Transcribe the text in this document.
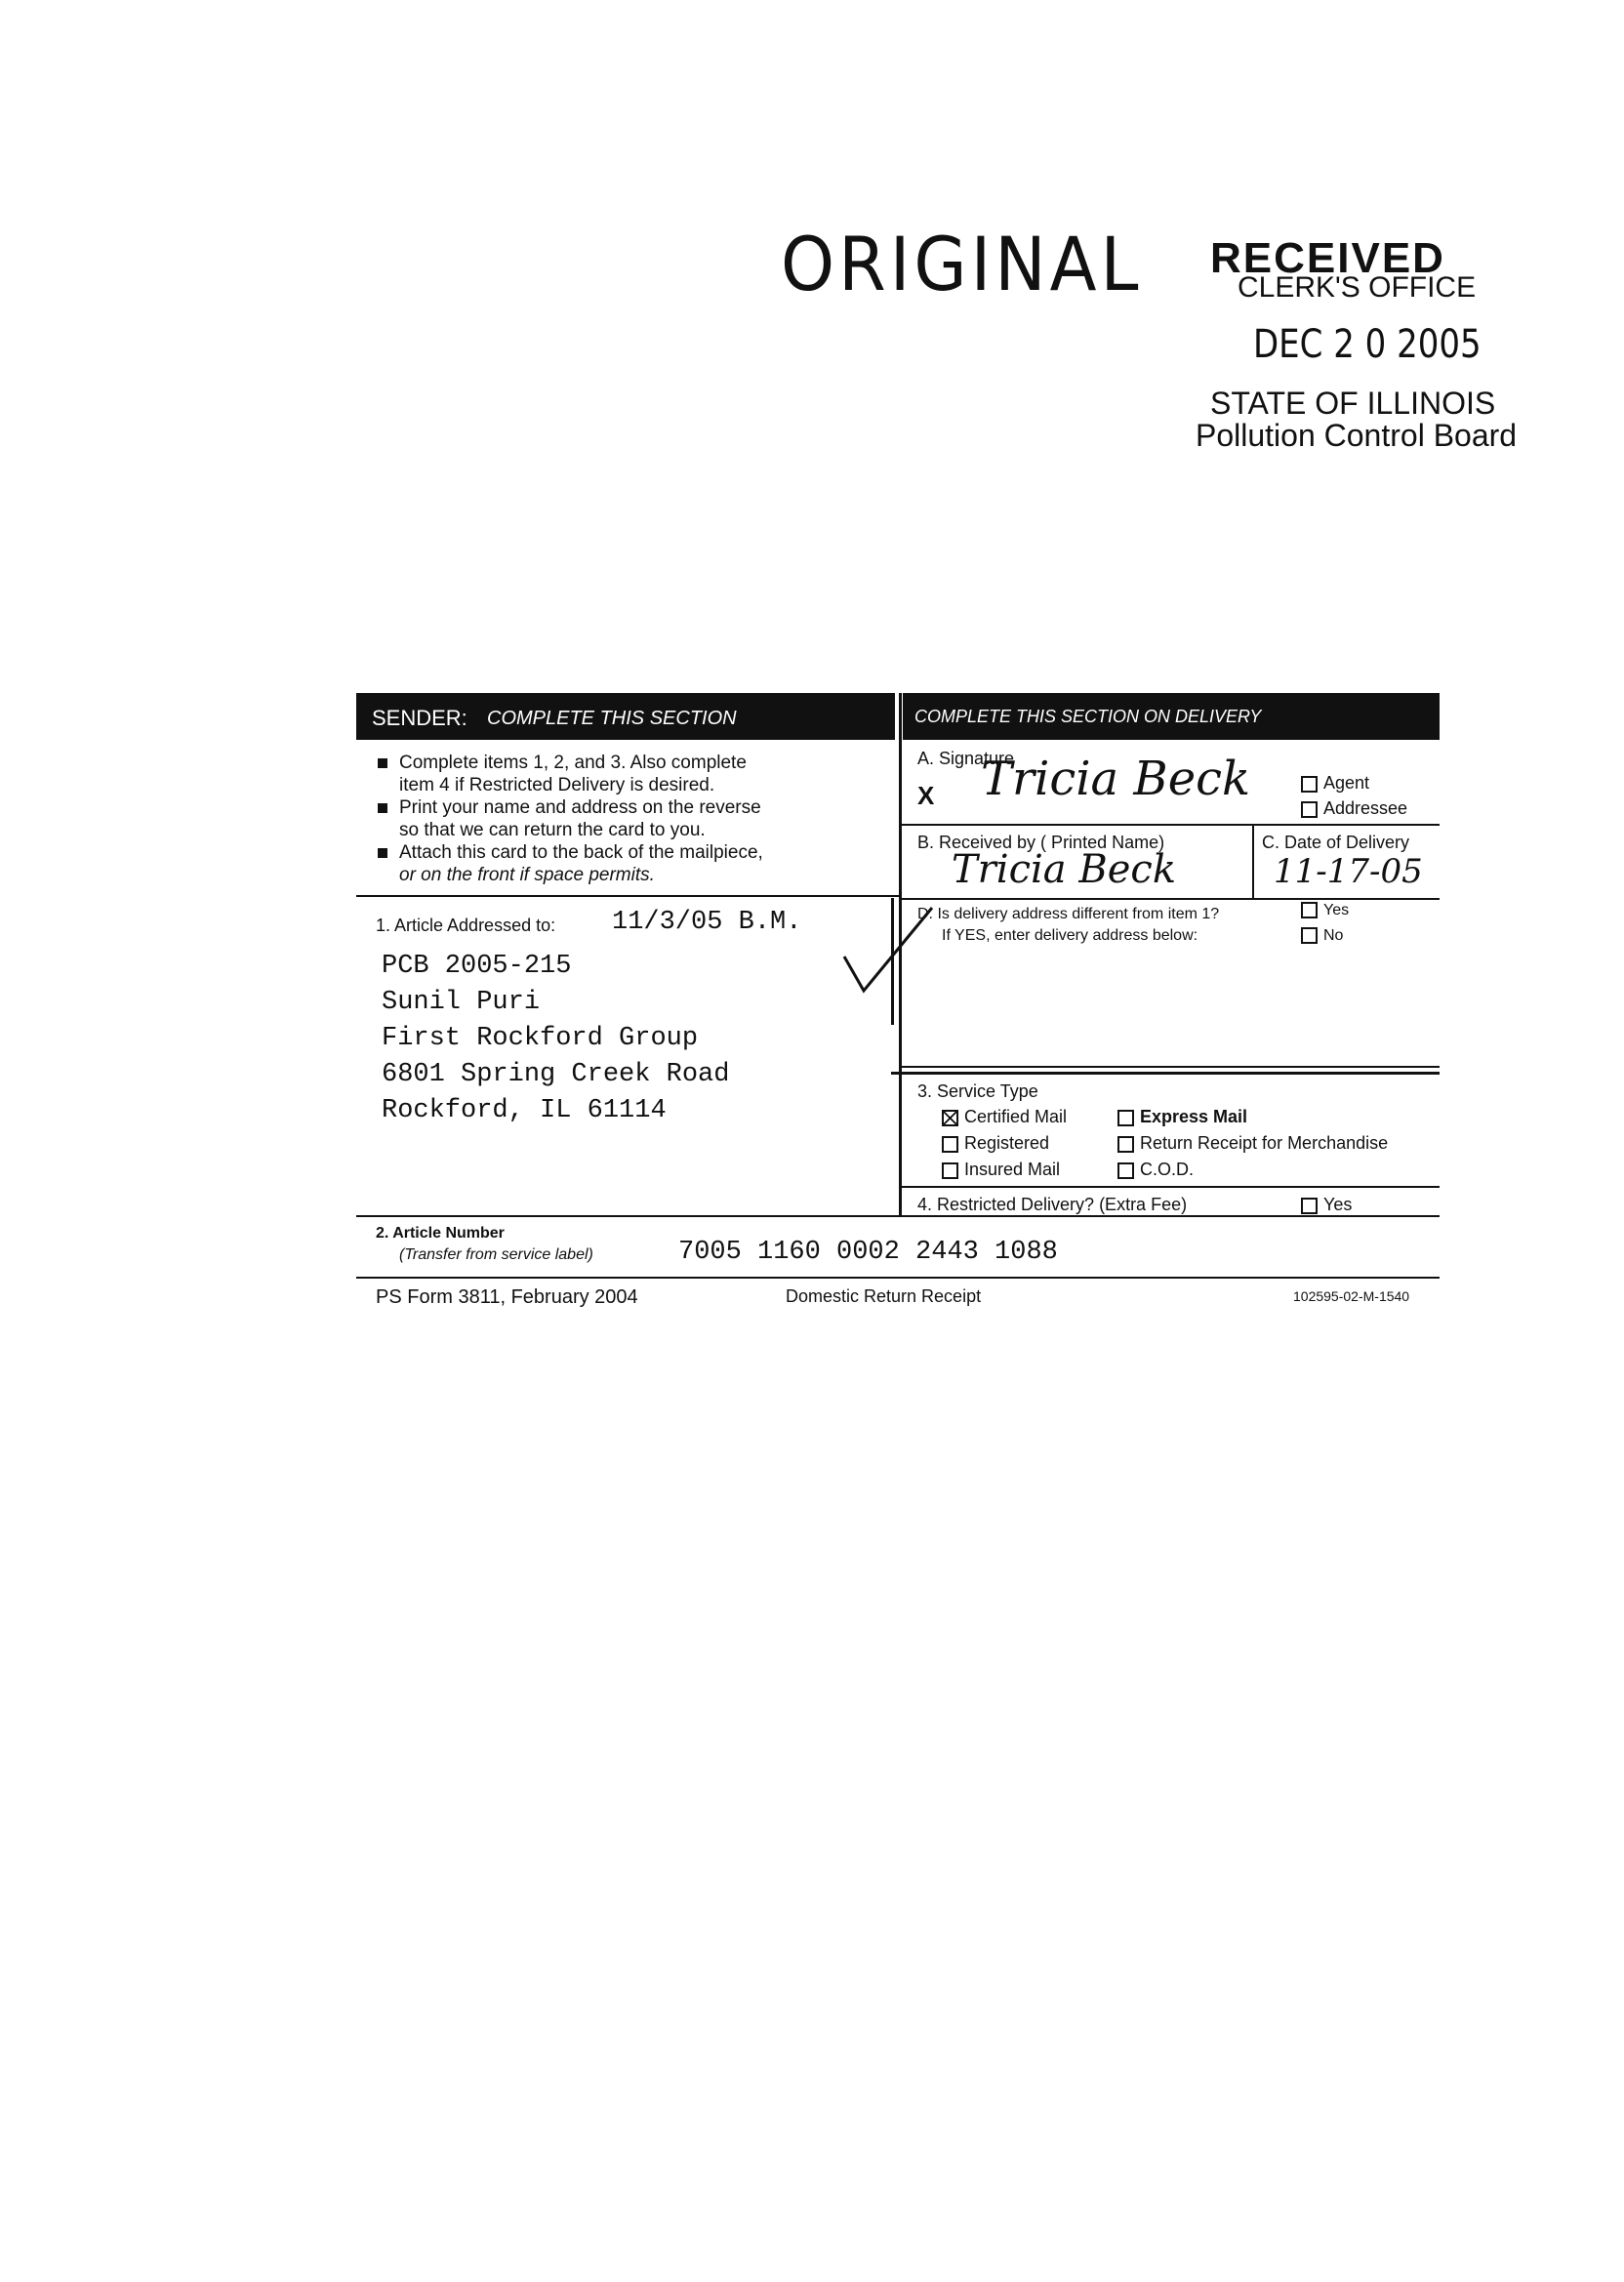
ORIGINAL RECEIVED
CLERK'S OFFICE
DEC 2 0 2005
STATE OF ILLINOIS
Pollution Control Board
SENDER: COMPLETE THIS SECTION	COMPLETE THIS SECTION ON DELIVERY
Complete items 1, 2, and 3. Also complete
item 4 if Restricted Delivery is desired.
Print your name and address on the reverse
so that we can return the card to you.
Attach this card to the back of the mailpiece,
or on the front if space permits.
1. Article Addressed to: 11/3/05 B.M.
PCB 2005-215
Sunil Puri
First Rockford Group
6801 Spring Creek Road
Rockford, IL 61114
A. Signature
X Tricia Beck	Agent
Addressee
B. Received by ( Printed Name)
Tricia Beck
C. Date of Delivery
11-17-05
D. Is delivery address different from item 1?
If YES, enter delivery address below:
Yes
No
3. Service Type
Certified Mail	Express Mail
Registered	Return Receipt for Merchandise
Insured Mail	C.O.D.
4. Restricted Delivery? (Extra Fee)	Yes
2. Article Number
(Transfer from service label)	7005 1160 0002 2443 1088
PS Form 3811, February 2004	Domestic Return Receipt	102595-02-M-1540
